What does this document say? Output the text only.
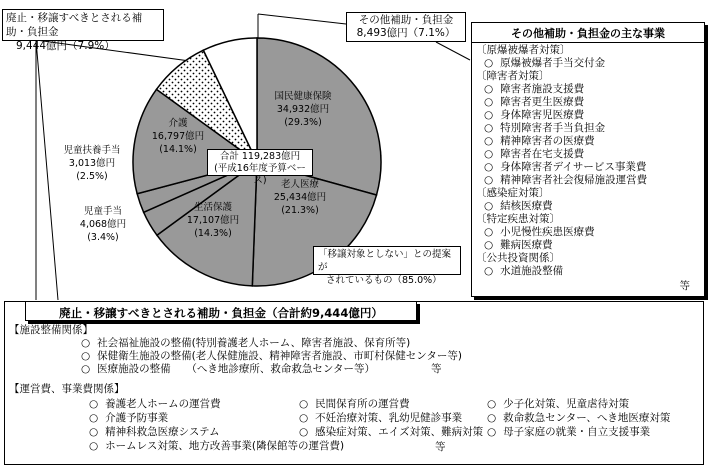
国民健康保険
34,932億円
(29.3%)
老人医療
25,434億円
(21.3%)
生活保護
17,107億円
(14.3%)
介護
16,797億円
(14.1%)
児童扶養手当
3,013億円
(2.5%)
児童手当
4,068億円
(3.4%)
合計 119,283億円
(平成16年度予算ベース)
「移譲対象としない」との提案が
されているもの（85.0%）
廃止・移譲すべきとされる補助・負担金
9,444億円（7.9%）
その他補助・負担金
8,493億円（7.1%）	その他補助・負担金の主な事業
〔原爆被爆者対策〕
○ 原爆被爆者手当交付金
〔障害者対策〕
○ 障害者施設支援費
○ 障害者更生医療費
○ 身体障害児医療費
○ 特別障害者手当負担金
○ 精神障害者の医療費
○ 障害者在宅支援費
○ 身体障害者デイサービス事業費
○ 精神障害者社会復帰施設運営費
〔感染症対策〕
○ 結核医療費
〔特定疾患対策〕
○ 小児慢性疾患医療費
○ 難病医療費
〔公共投資関係〕
○ 水道施設整備
等
廃止・移譲すべきとされる補助・負担金（合計約9,444億円）
【施設整備関係】
○ 社会福祉施設の整備(特別養護老人ホーム、障害者施設、保育所等)
○ 保健衛生施設の整備(老人保健施設、精神障害者施設、市町村保健センター等)
○ 医療施設の整備　　（へき地診療所、救命救急センター等）	等
【運営費、事業費関係】
○ 養護老人ホームの運営費
○ 介護予防事業
○ 精神科救急医療システム
○ ホームレス対策、地方改善事業(隣保館等の運営費)
○ 民間保育所の運営費
○ 不妊治療対策、乳幼児健診事業
○ 感染症対策、エイズ対策、難病対策
○ 少子化対策、児童虐待対策
○ 救命救急センター、へき地医療対策
○ 母子家庭の就業・自立支援事業
等
